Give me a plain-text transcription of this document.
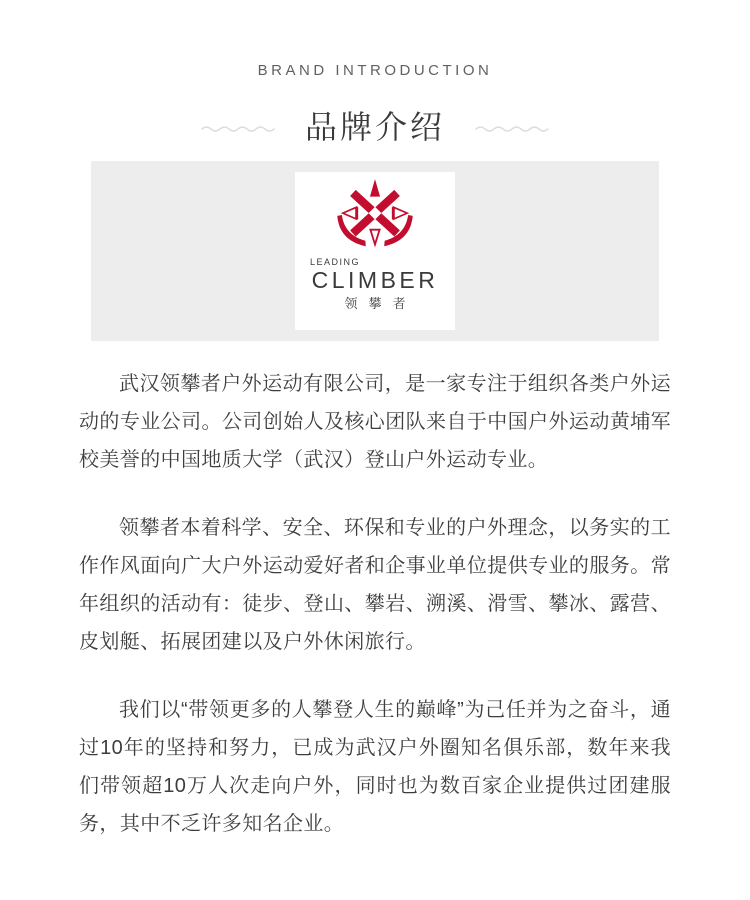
BRAND INTRODUCTION
品牌介绍
LEADING
CLIMBER
领攀者

武汉领攀者户外运动有限公司，是一家专注于组织各类户外运动的专业公司。公司创始人及核心团队来自于中国户外运动黄埔军校美誉的中国地质大学（武汉）登山户外运动专业。

领攀者本着科学、安全、环保和专业的户外理念，以务实的工作作风面向广大户外运动爱好者和企事业单位提供专业的服务。常年组织的活动有：徒步、登山、攀岩、溯溪、滑雪、攀冰、露营、皮划艇、拓展团建以及户外休闲旅行。

我们以“带领更多的人攀登人生的巅峰”为己任并为之奋斗，通过10年的坚持和努力，已成为武汉户外圈知名俱乐部，数年来我们带领超10万人次走向户外，同时也为数百家企业提供过团建服务，其中不乏许多知名企业。
